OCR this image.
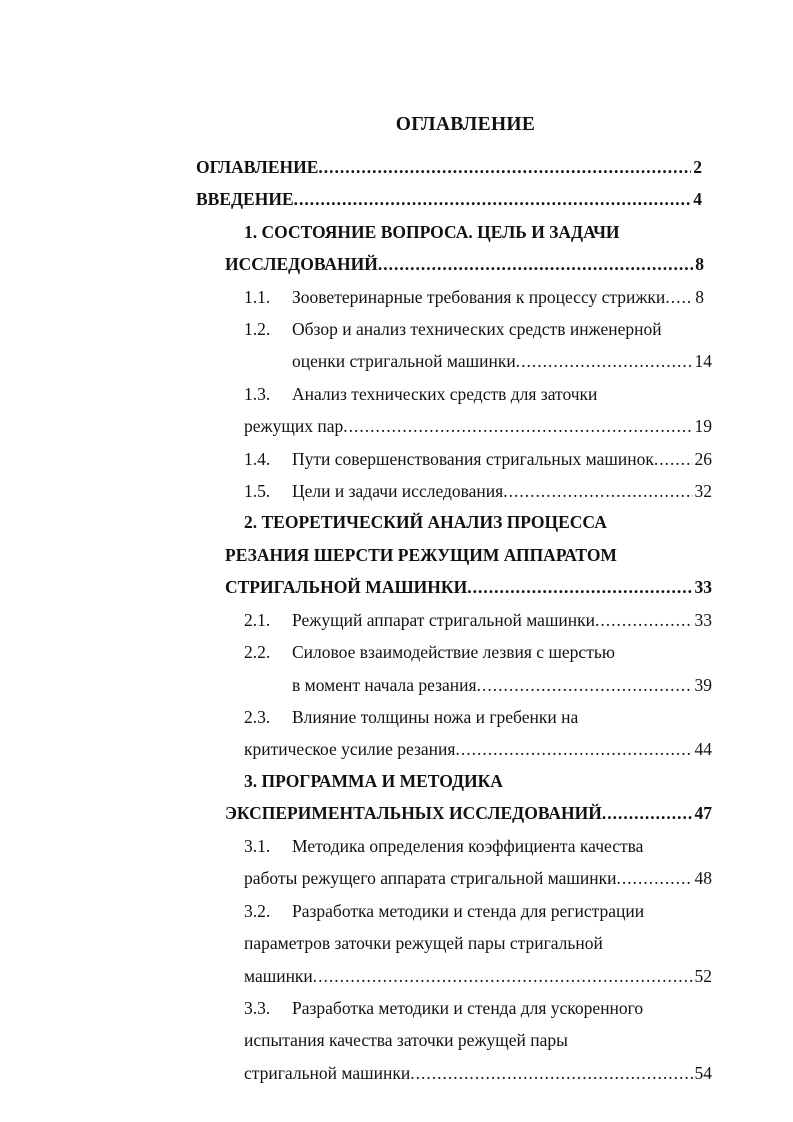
ОГЛАВЛЕНИЕ
ОГЛАВЛЕНИЕ .....	2
ВВЕДЕНИЕ .....	4
1. СОСТОЯНИЕ ВОПРОСА. ЦЕЛЬ И ЗАДАЧИ
ИССЛЕДОВАНИЙ .....	8
1.1. Зооветеринарные требования к процессу стрижки ..... 8
1.2. Обзор и анализ технических средств инженерной
оценки стригальной машинки .....	14
1.3. Анализ технических средств для заточки
режущих пар .....	19
1.4. Пути совершенствования стригальных машинок ..... 26
1.5. Цели и задачи исследования .....	32
2. ТЕОРЕТИЧЕСКИЙ АНАЛИЗ ПРОЦЕССА
РЕЗАНИЯ ШЕРСТИ РЕЖУЩИМ АППАРАТОМ
СТРИГАЛЬНОЙ МАШИНКИ .....	33
2.1. Режущий аппарат стригальной машинки .....	33
2.2. Силовое взаимодействие лезвия с шерстью
в момент начала резания .....	39
2.3. Влияние толщины ножа и гребенки на
критическое усилие резания .....	44
3. ПРОГРАММА И МЕТОДИКА
ЭКСПЕРИМЕНТАЛЬНЫХ ИССЛЕДОВАНИЙ .....	47
3.1. Методика определения коэффициента качества
работы режущего аппарата стригальной машинки .....	48
3.2. Разработка методики и стенда для регистрации
параметров заточки режущей пары стригальной
машинки .....	52
3.3. Разработка методики и стенда для ускоренного
испытания качества заточки режущей пары
стригальной машинки .....	54
